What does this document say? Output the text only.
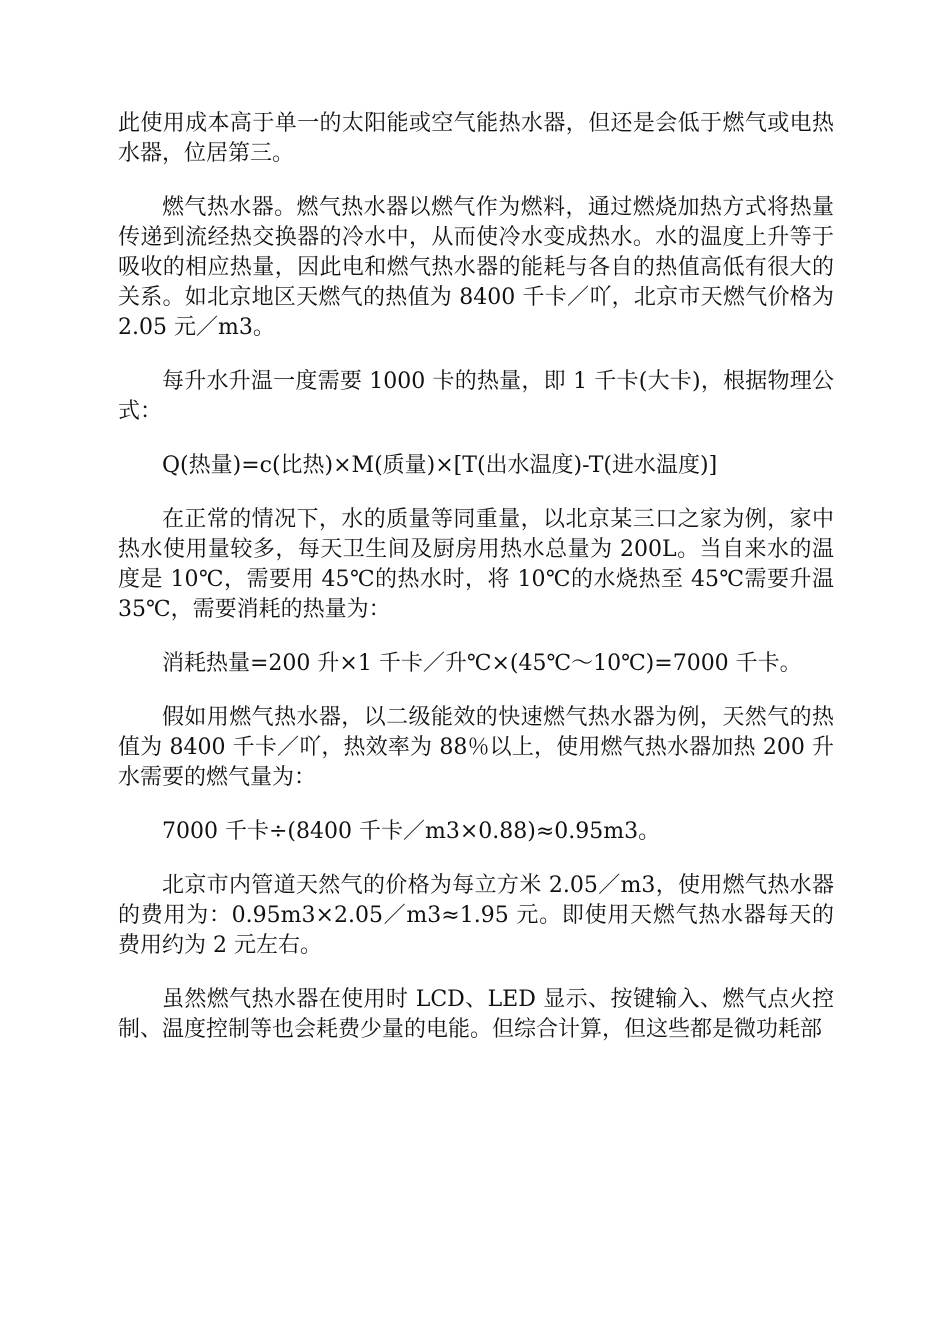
此使用成本高于单一的太阳能或空气能热水器，但还是会低于燃气或电热水器，位居第三。

燃气热水器。燃气热水器以燃气作为燃料，通过燃烧加热方式将热量传递到流经热交换器的冷水中，从而使冷水变成热水。水的温度上升等于吸收的相应热量，因此电和燃气热水器的能耗与各自的热值高低有很大的关系。如北京地区天燃气的热值为 8400 千卡／吖，北京市天燃气价格为2.05 元／m3。

每升水升温一度需要 1000 卡的热量，即 1 千卡(大卡)，根据物理公式：

Q(热量)=c(比热)×M(质量)×[T(出水温度)-T(进水温度)]

在正常的情况下，水的质量等同重量，以北京某三口之家为例，家中热水使用量较多，每天卫生间及厨房用热水总量为 200L。当自来水的温度是 10℃，需要用 45℃的热水时，将 10℃的水烧热至 45℃需要升温 35℃，需要消耗的热量为：

消耗热量=200 升×1 千卡／升℃×(45℃～10℃)=7000 千卡。

假如用燃气热水器，以二级能效的快速燃气热水器为例，天然气的热值为 8400 千卡／吖，热效率为 88％以上，使用燃气热水器加热 200 升水需要的燃气量为：

7000 千卡÷(8400 千卡／m3×0.88)≈0.95m3。

北京市内管道天然气的价格为每立方米 2.05／m3，使用燃气热水器的费用为：0.95m3×2.05／m3≈1.95 元。即使用天燃气热水器每天的费用约为 2 元左右。

虽然燃气热水器在使用时 LCD、LED 显示、按键输入、燃气点火控制、温度控制等也会耗费少量的电能。但综合计算，但这些都是微功耗部
